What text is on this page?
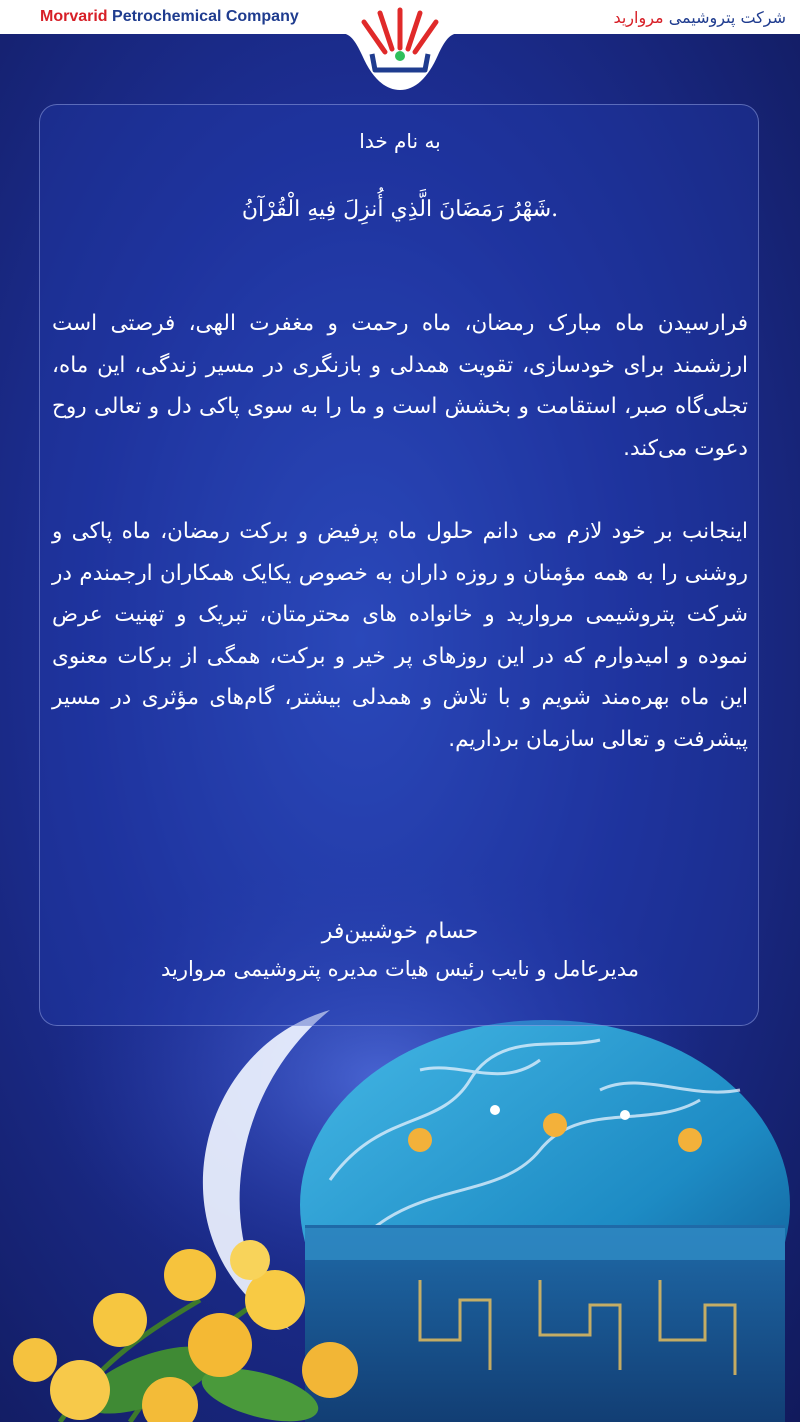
Morvarid Petrochemical Company	شرکت پتروشیمی مروارید
به نام خدا
.شَهْرُ رَمَضَانَ الَّذِي أُنزِلَ فِيهِ الْقُرْآنُ
فرارسیدن ماه مبارک رمضان، ماه رحمت و مغفرت الهی، فرصتی است ارزشمند برای خودسازی، تقویت همدلی و بازنگری در مسیر زندگی، این ماه، تجلی‌گاه صبر، استقامت و بخشش است و ما را به سوی پاکی دل و تعالی روح دعوت می‌کند.
اینجانب بر خود لازم می دانم حلول ماه پرفیض و برکت رمضان، ماه پاکی و روشنی را به همه مؤمنان و روزه داران به خصوص یکایک همکاران ارجمندم در شرکت پتروشیمی مروارید و خانواده های محترمتان، تبریک و تهنیت عرض نموده و امیدوارم که در این روزهای پر خیر و برکت، همگی از برکات معنوی این ماه بهره‌مند شویم و با تلاش و همدلی بیشتر، گام‌های مؤثری در مسیر پیشرفت و تعالی سازمان برداریم.
حسام خوشبین‌فر
مدیرعامل و نایب رئیس هیات مدیره پتروشیمی مروارید
